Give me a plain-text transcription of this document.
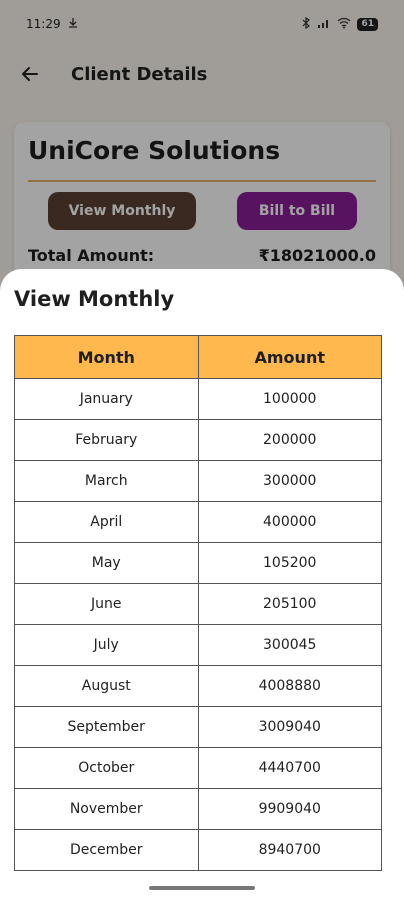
11:29	61
Client Details
UniCore Solutions
View Monthly	Bill to Bill
Total Amount:	₹18021000.0
View Monthly
Month	Amount
January	100000
February	200000
March	300000
April	400000
May	105200
June	205100
July	300045
August	4008880
September	3009040
October	4440700
November	9909040
December	8940700
